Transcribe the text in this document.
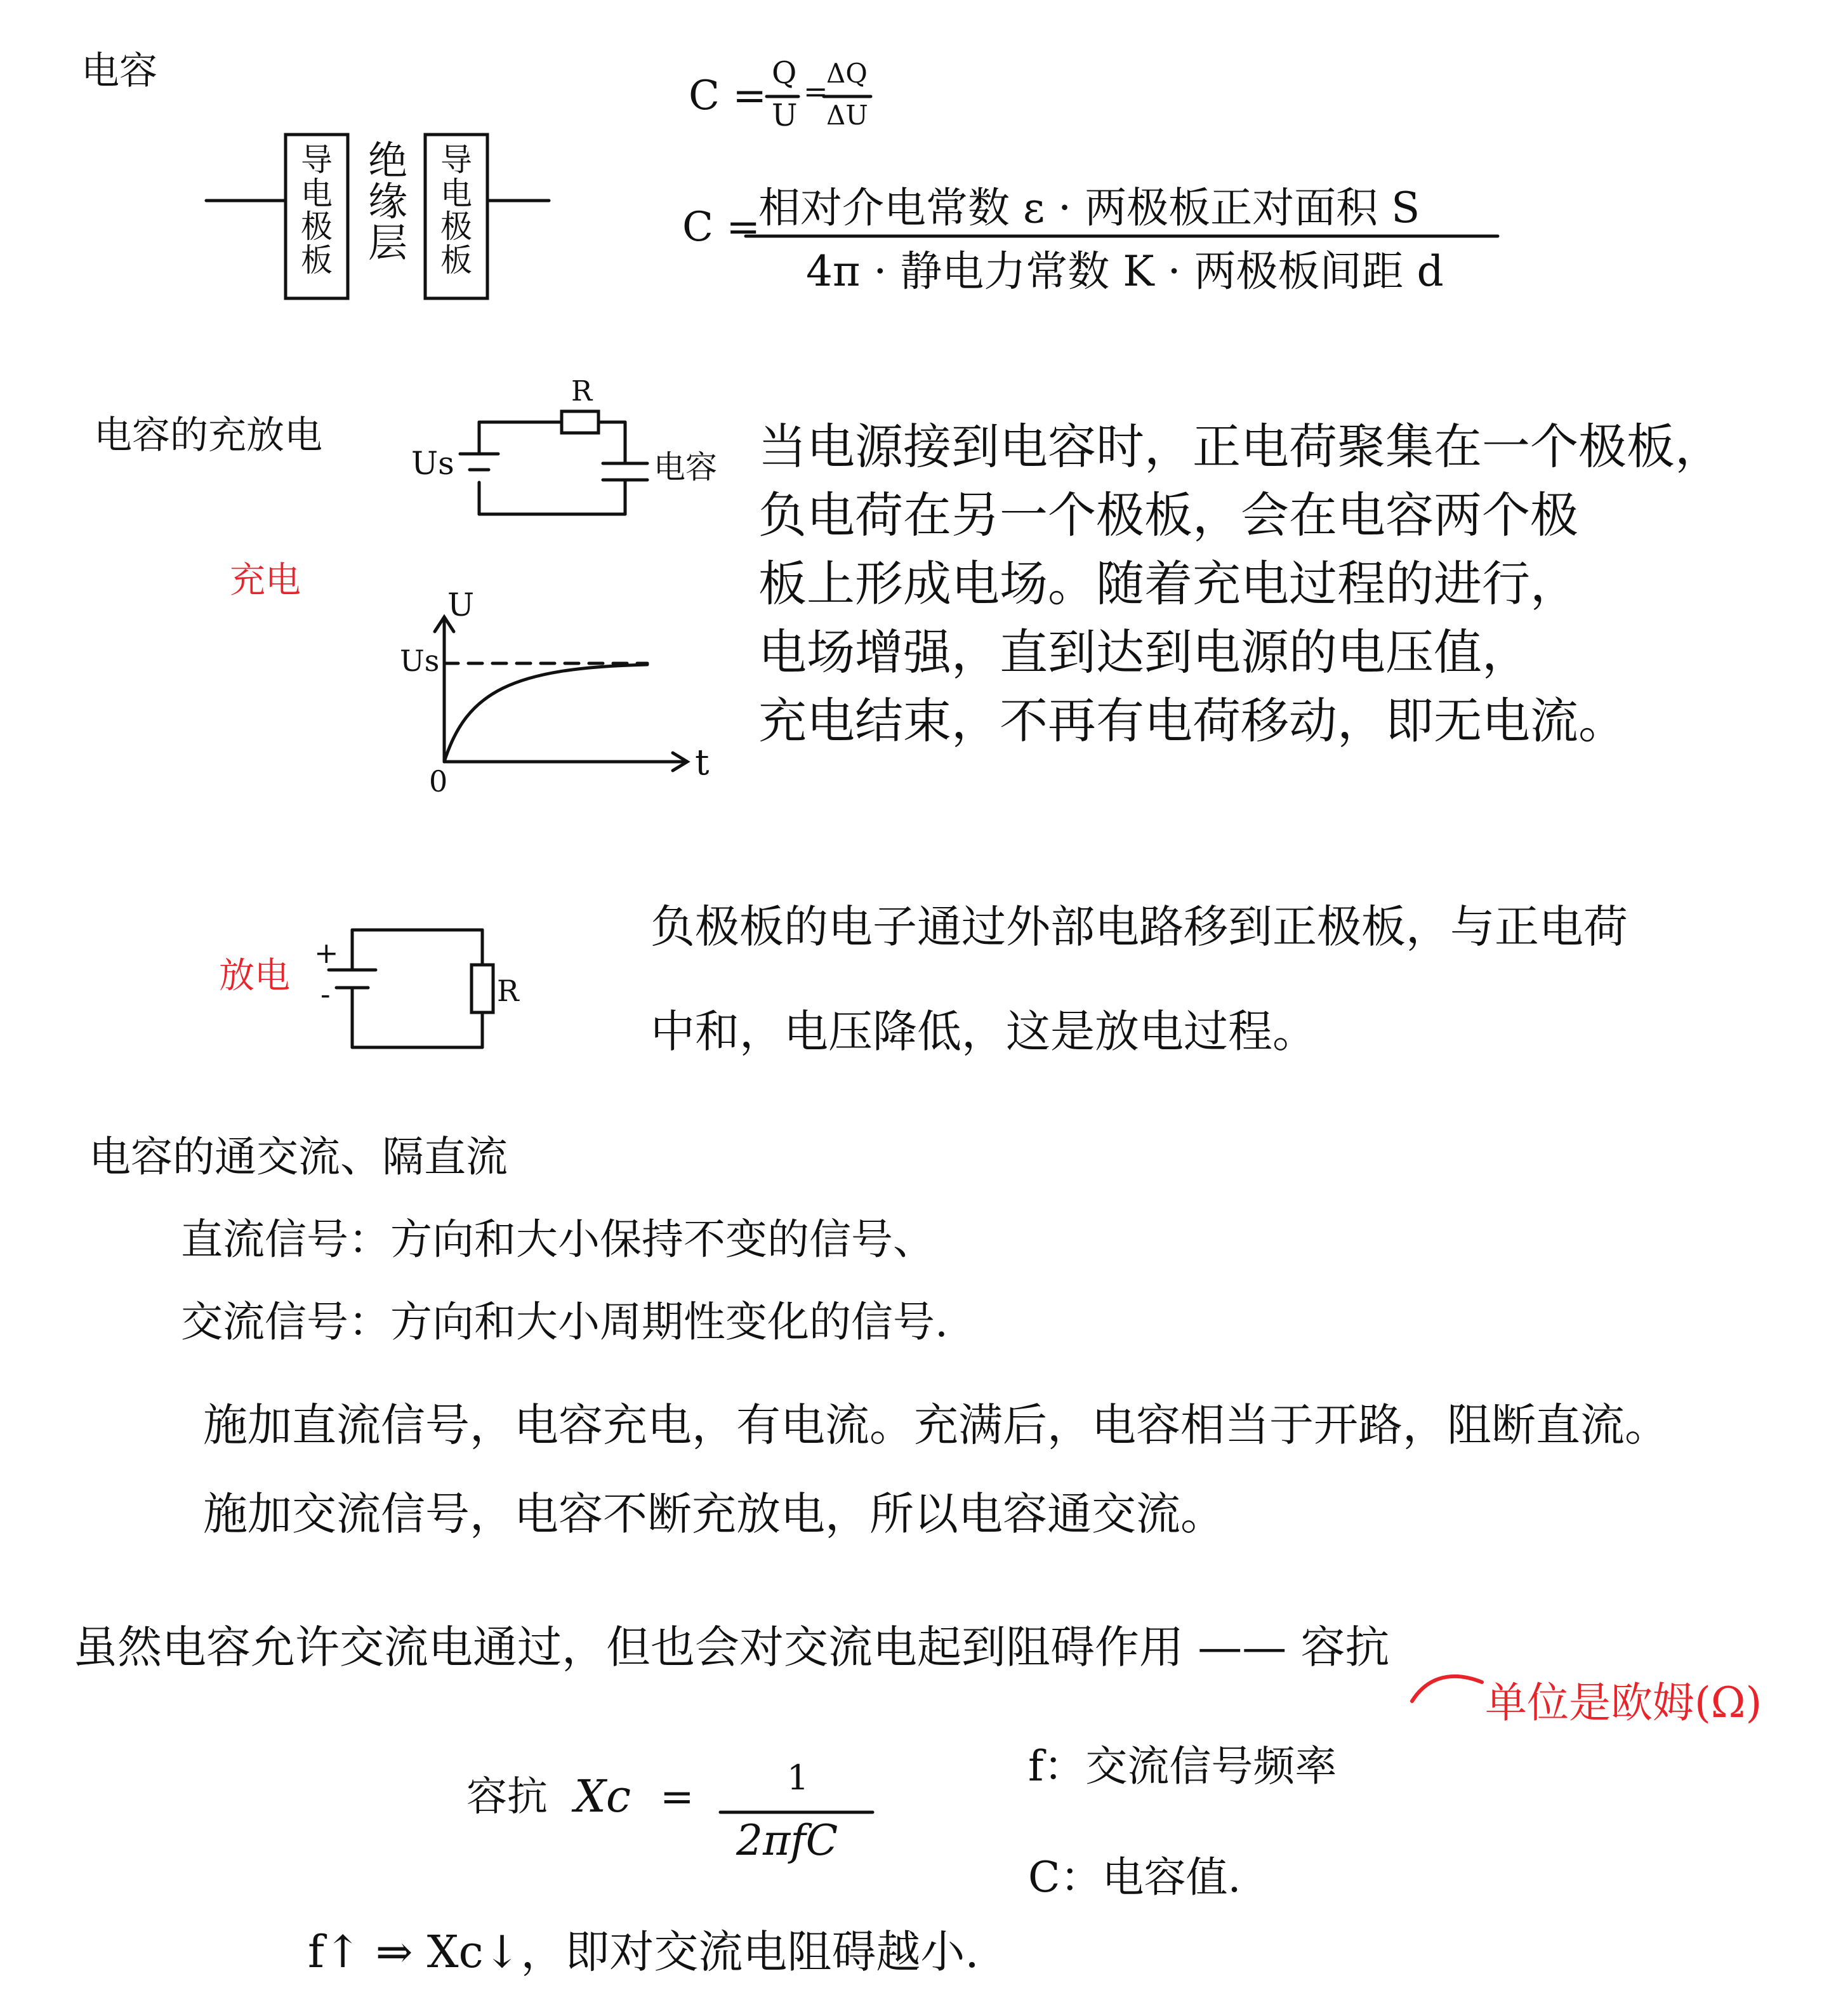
电容
导电极板
绝缘层
导电极板
C = Q
U
=
ΔQ
ΔU
C =
相对介电常数 ε · 两极板正对面积 S
4π · 静电力常数 K · 两极板间距 d
电容的充放电
Us
R
电容
充电
U
Us
0	t
当电源接到电容时，正电荷聚集在一个极板，
负电荷在另一个极板，会在电容两个极
板上形成电场。随着充电过程的进行，
电场增强，直到达到电源的电压值，
充电结束，不再有电荷移动，即无电流。
放电
+
-	R
负极板的电子通过外部电路移到正极板，与正电荷
中和，电压降低，这是放电过程。
电容的通交流、隔直流
直流信号：方向和大小保持不变的信号、
交流信号：方向和大小周期性变化的信号.
施加直流信号，电容充电，有电流。充满后，电容相当于开路，阻断直流。
施加交流信号，电容不断充放电，所以电容通交流。
虽然电容允许交流电通过，但也会对交流电起到阻碍作用 —— 容抗
单位是欧姆(Ω)
容抗 Xc =	1
2πfC
f：交流信号频率
C：电容值.
f↑ ⇒ Xc↓，即对交流电阻碍越小.
